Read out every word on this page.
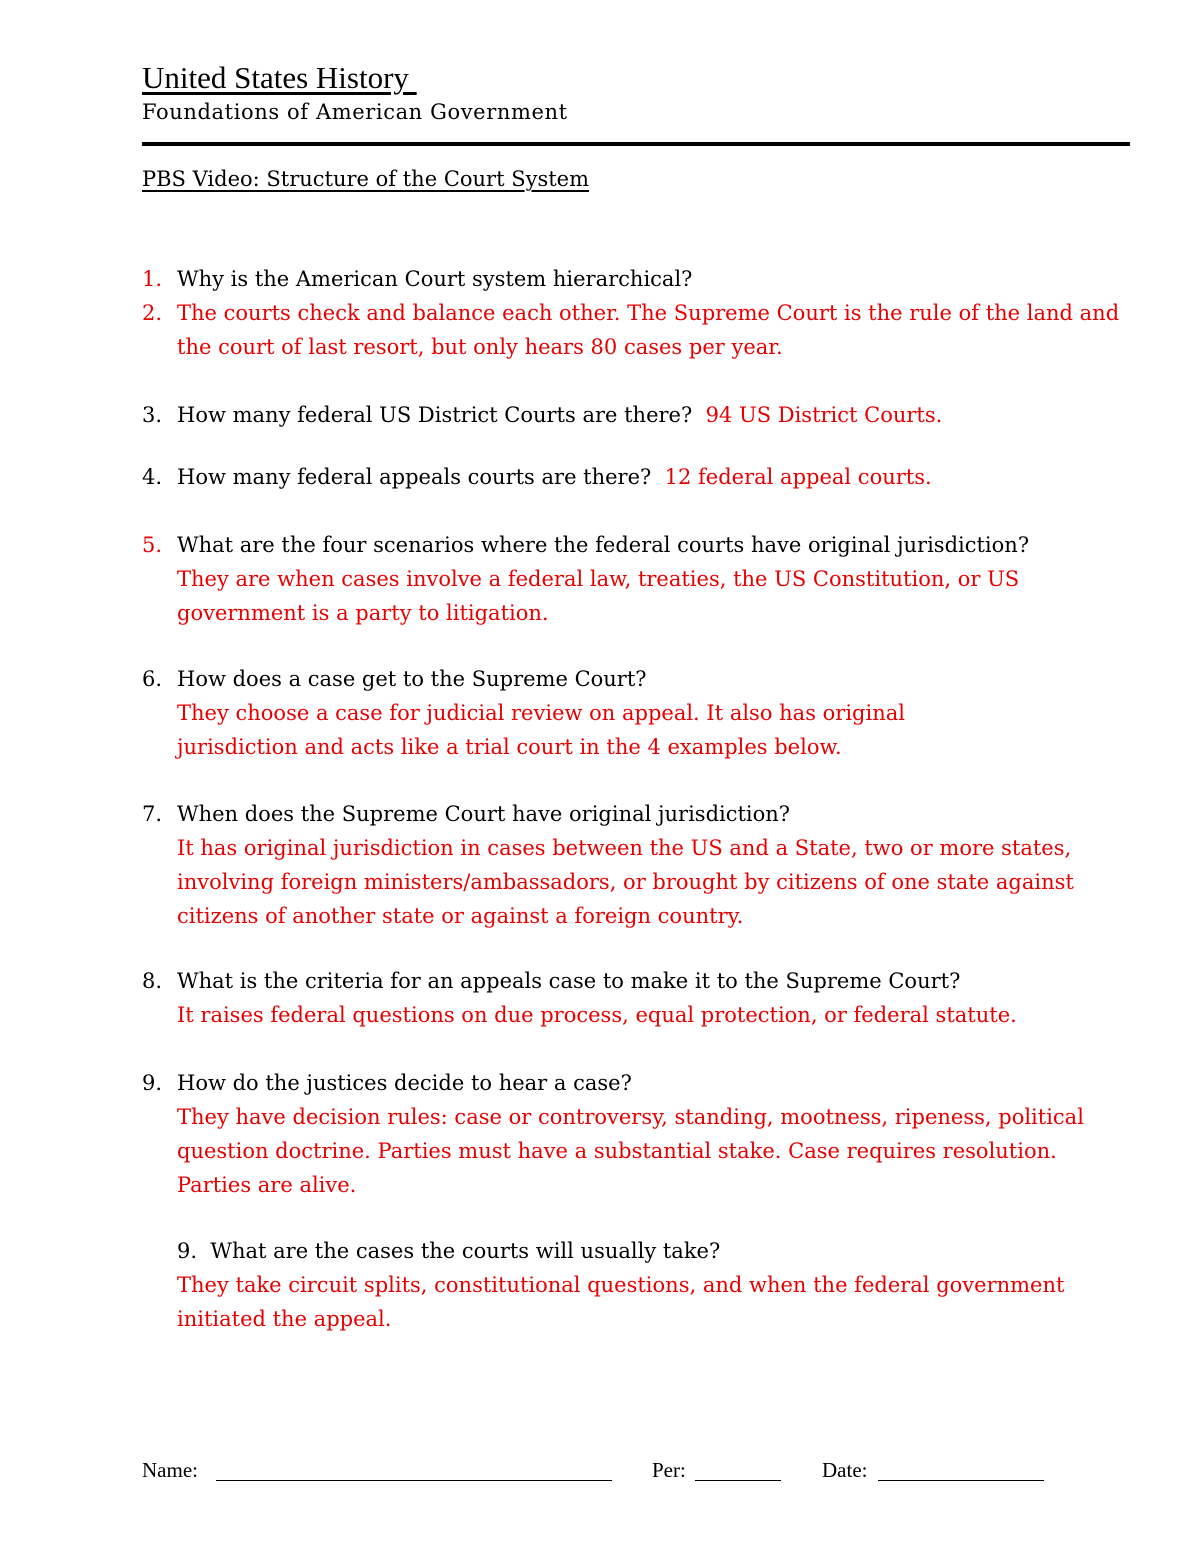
United States History
Foundations of American Government
PBS Video: Structure of the Court System
1. Why is the American Court system hierarchical?
2. The courts check and balance each other. The Supreme Court is the rule of the land and the court of last resort, but only hears 80 cases per year.
3. How many federal US District Courts are there?  94 US District Courts.
4. How many federal appeals courts are there?  12 federal appeal courts.
5. What are the four scenarios where the federal courts have original jurisdiction?  They are when cases involve a federal law, treaties, the US Constitution, or US government is a party to litigation.
6. How does a case get to the Supreme Court?
They choose a case for judicial review on appeal. It also has original jurisdiction and acts like a trial court in the 4 examples below.
7. When does the Supreme Court have original jurisdiction?
It has original jurisdiction in cases between the US and a State, two or more states, involving foreign ministers/ambassadors, or brought by citizens of one state against citizens of another state or against a foreign country.
8. What is the criteria for an appeals case to make it to the Supreme Court?
It raises federal questions on due process, equal protection, or federal statute.
9. How do the justices decide to hear a case?
They have decision rules: case or controversy, standing, mootness, ripeness, political question doctrine. Parties must have a substantial stake. Case requires resolution. Parties are alive.
9. What are the cases the courts will usually take?
They take circuit splits, constitutional questions, and when the federal government initiated the appeal.
Name:	Per:	Date:
